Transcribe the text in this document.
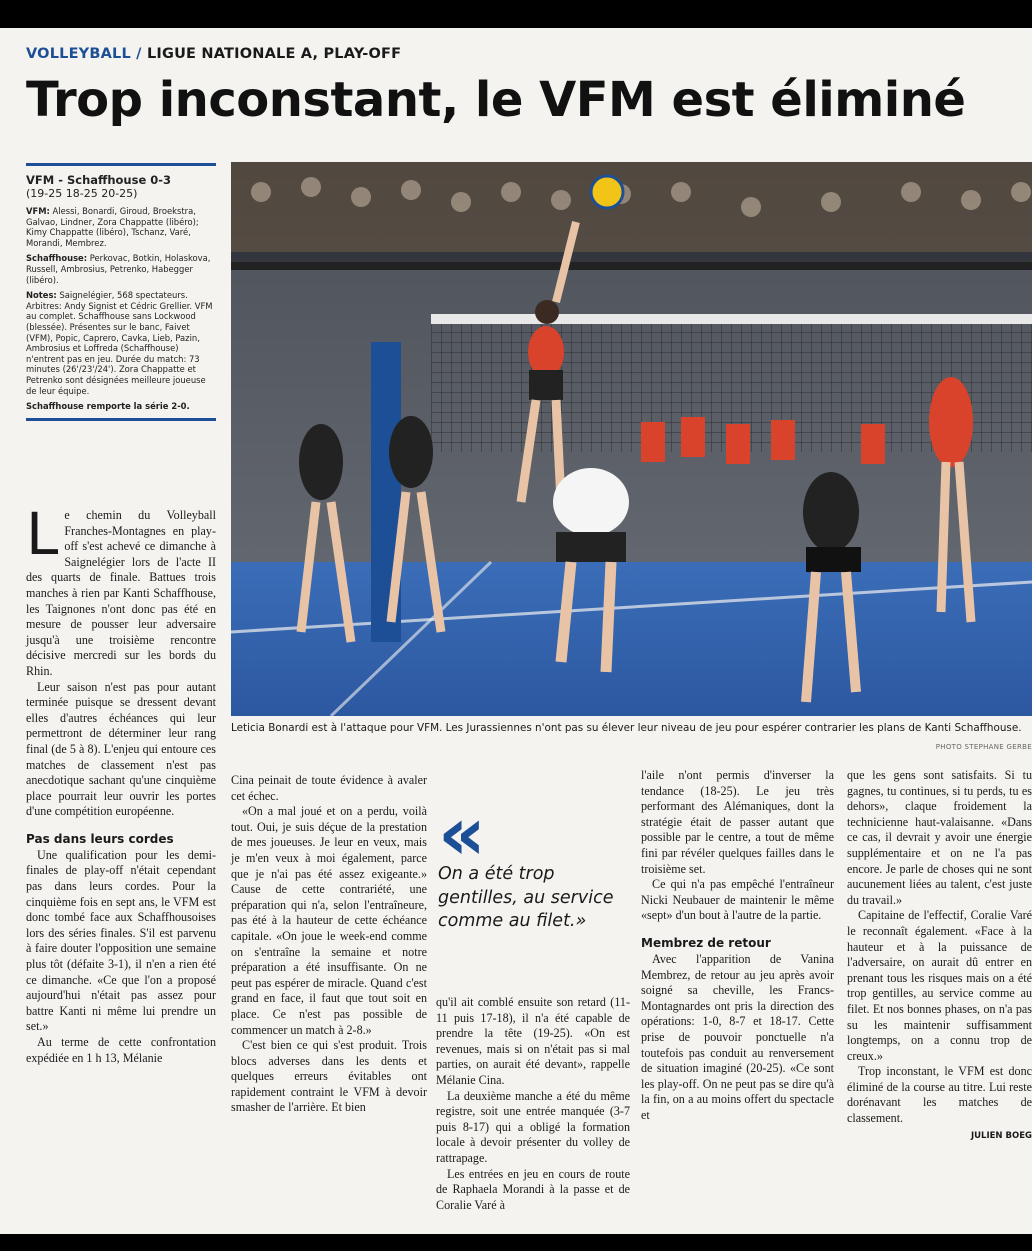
VOLLEYBALL / LIGUE NATIONALE A, PLAY-OFF
Trop inconstant, le VFM est éliminé
VFM - Schaffhouse 0-3
(19-25 18-25 20-25)

VFM: Alessi, Bonardi, Giroud, Broekstra, Galvao, Lindner, Zora Chappatte (libéro); Kimy Chappatte (libéro), Tschanz, Varé, Morandi, Membrez.

Schaffhouse: Perkovac, Botkin, Holaskova, Russell, Ambrosius, Petrenko, Habegger (libéro).

Notes: Saignelégier, 568 spectateurs. Arbitres: Andy Signist et Cédric Grellier. VFM au complet. Schaffhouse sans Lockwood (blessée). Présentes sur le banc, Faivet (VFM), Popic, Caprero, Cavka, Lieb, Pazin, Ambrosius et Loffreda (Schaffhouse) n'entrent pas en jeu. Durée du match: 73 minutes (26'/23'/24'). Zora Chappatte et Petrenko sont désignées meilleure joueuse de leur équipe.

Schaffhouse remporte la série 2-0.

Leticia Bonardi est à l'attaque pour VFM. Les Jurassiennes n'ont pas su élever leur niveau de jeu pour espérer contrarier les plans de Kanti Schaffhouse.
PHOTO STEPHANE GERBE

Le chemin du Volleyball Franches-Montagnes en play-off s'est achevé ce dimanche à Saignelégier lors de l'acte II des quarts de finale. Battues trois manches à rien par Kanti Schaffhouse, les Taignones n'ont donc pas été en mesure de pousser leur adversaire jusqu'à une troisième rencontre décisive mercredi sur les bords du Rhin.

Leur saison n'est pas pour autant terminée puisque se dressent devant elles d'autres échéances qui leur permettront de déterminer leur rang final (de 5 à 8). L'enjeu qui entoure ces matches de classement n'est pas anecdotique sachant qu'une cinquième place pourrait leur ouvrir les portes d'une compétition européenne.

Pas dans leurs cordes

Une qualification pour les demi-finales de play-off n'était cependant pas dans leurs cordes. Pour la cinquième fois en sept ans, le VFM est donc tombé face aux Schaffhousoises lors des séries finales. S'il est parvenu à faire douter l'opposition une semaine plus tôt (défaite 3-1), il n'en a rien été ce dimanche. «Ce que l'on a proposé aujourd'hui n'était pas assez pour battre Kanti ni même lui prendre un set.»

Au terme de cette confrontation expédiée en 1 h 13, Mélanie

Cina peinait de toute évidence à avaler cet échec.

«On a mal joué et on a perdu, voilà tout. Oui, je suis déçue de la prestation de mes joueuses. Je leur en veux, mais je m'en veux à moi également, parce que je n'ai pas été assez exigeante.» Cause de cette contrariété, une préparation qui n'a, selon l'entraîneure, pas été à la hauteur de cette échéance capitale. «On joue le week-end comme on s'entraîne la semaine et notre préparation a été insuffisante. On ne peut pas espérer de miracle. Quand c'est grand en face, il faut que tout soit en place. Ce n'est pas possible de commencer un match à 2-8.»

C'est bien ce qui s'est produit. Trois blocs adverses dans les dents et quelques erreurs évitables ont rapidement contraint le VFM à devoir smasher de l'arrière. Et bien

«
On a été trop gentilles, au service comme au filet.»

qu'il ait comblé ensuite son retard (11-11 puis 17-18), il n'a été capable de prendre la tête (19-25). «On est revenues, mais si on n'était pas si mal parties, on aurait été devant», rappelle Mélanie Cina.

La deuxième manche a été du même registre, soit une entrée manquée (3-7 puis 8-17) qui a obligé la formation locale à devoir présenter du volley de rattrapage.

Les entrées en jeu en cours de route de Raphaela Morandi à la passe et de Coralie Varé à

l'aile n'ont permis d'inverser la tendance (18-25). Le jeu très performant des Alémaniques, dont la stratégie était de passer autant que possible par le centre, a tout de même fini par révéler quelques failles dans le troisième set.

Ce qui n'a pas empêché l'entraîneur Nicki Neubauer de maintenir le même «sept» d'un bout à l'autre de la partie.

Membrez de retour

Avec l'apparition de Vanina Membrez, de retour au jeu après avoir soigné sa cheville, les Francs-Montagnardes ont pris la direction des opérations: 1-0, 8-7 et 18-17. Cette prise de pouvoir ponctuelle n'a toutefois pas conduit au renversement de situation imaginé (20-25). «Ce sont les play-off. On ne peut pas se dire qu'à la fin, on a au moins offert du spectacle et

que les gens sont satisfaits. Si tu gagnes, tu continues, si tu perds, tu es dehors», claque froidement la technicienne haut-valaisanne. «Dans ce cas, il devrait y avoir une énergie supplémentaire et on ne l'a pas encore. Je parle de choses qui ne sont aucunement liées au talent, c'est juste du travail.»

Capitaine de l'effectif, Coralie Varé le reconnaît également. «Face à la hauteur et à la puissance de l'adversaire, on aurait dû entrer en prenant tous les risques mais on a été trop gentilles, au service comme au filet. Et nos bonnes phases, on n'a pas su les maintenir suffisamment longtemps, on a connu trop de creux.»

Trop inconstant, le VFM est donc éliminé de la course au titre. Lui reste dorénavant les matches de classement.

JULIEN BOEG
